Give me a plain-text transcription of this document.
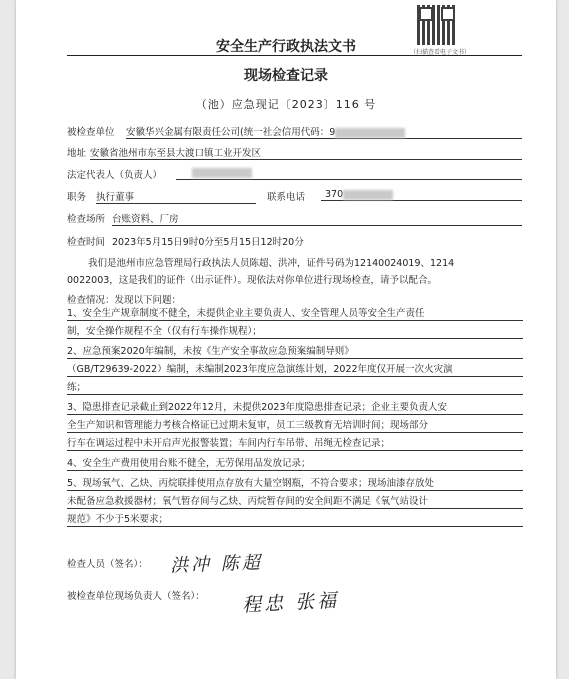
（扫描查看电子文书）
安全生产行政执法文书
现场检查记录
（池）应急现记〔2023〕116 号
被检查单位 安徽华兴金属有限责任公司(统一社会信用代码：9
地址 安徽省池州市东至县大渡口镇工业开发区
法定代表人（负责人）
职务 执行董事	联系电话	370
检查场所 台账资料、厂房
检查时间 2023年5月15日9时0分至5月15日12时20分
我们是池州市应急管理局行政执法人员陈超、洪冲，证件号码为12140024019、1214
0022003，这是我们的证件（出示证件）。现依法对你单位进行现场检查，请予以配合。
检查情况：发现以下问题：
1、安全生产规章制度不健全，未提供企业主要负责人、安全管理人员等安全生产责任
制，安全操作规程不全（仅有行车操作规程）；
2、应急预案2020年编制，未按《生产安全事故应急预案编制导则》
（GB/T29639-2022）编制，未编制2023年度应急演练计划，2022年度仅开展一次火灾演
练；
3、隐患排查记录截止到2022年12月，未提供2023年度隐患排查记录；企业主要负责人安
全生产知识和管理能力考核合格证已过期未复审，员工三级教育无培训时间；现场部分
行车在调运过程中未开启声光报警装置；车间内行车吊带、吊绳无检查记录；
4、安全生产费用使用台账不健全，无劳保用品发放记录；
5、现场氧气、乙炔、丙烷联排使用点存放有大量空钢瓶，不符合要求；现场油漆存放处
未配备应急救援器材；氧气暂存间与乙炔、丙烷暂存间的安全间距不满足《氧气站设计
规范》不少于5米要求；
检查人员（签名）： 洪冲 陈超
被检查单位现场负责人（签名）： 程忠 张福
